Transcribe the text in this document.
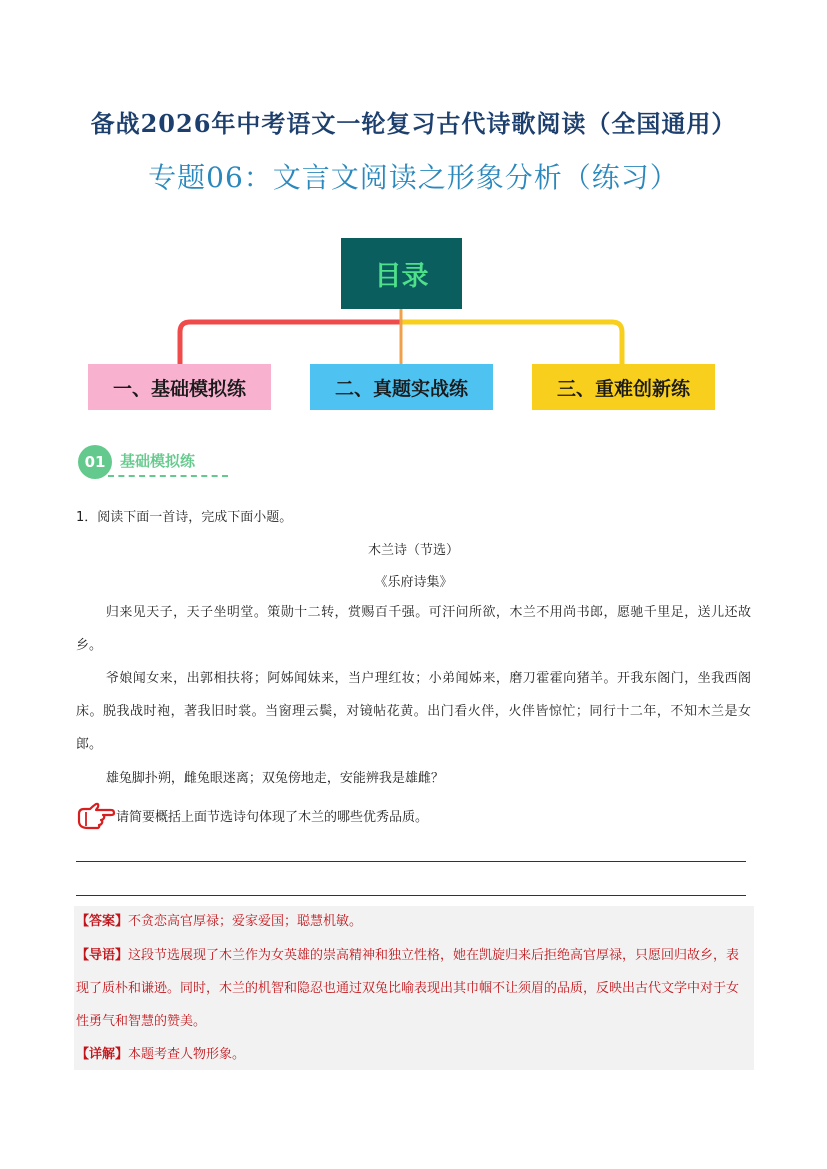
备战2026年中考语文一轮复习古代诗歌阅读（全国通用）
专题06：文言文阅读之形象分析（练习）
目录
一、基础模拟练	二、真题实战练	三、重难创新练
01 基础模拟练
1．阅读下面一首诗，完成下面小题。
木兰诗（节选）
《乐府诗集》

归来见天子，天子坐明堂。策勋十二转，赏赐百千强。可汗问所欲，木兰不用尚书郎，愿驰千里足，送儿还故乡。

爷娘闻女来，出郭相扶将；阿姊闻妹来，当户理红妆；小弟闻姊来，磨刀霍霍向猪羊。开我东阁门，坐我西阁床。脱我战时袍，著我旧时裳。当窗理云鬓，对镜帖花黄。出门看火伴，火伴皆惊忙；同行十二年，不知木兰是女郎。

雄兔脚扑朔，雌兔眼迷离；双兔傍地走，安能辨我是雄雌？

请简要概括上面节选诗句体现了木兰的哪些优秀品质。

【答案】不贪恋高官厚禄；爱家爱国；聪慧机敏。

【导语】这段节选展现了木兰作为女英雄的崇高精神和独立性格，她在凯旋归来后拒绝高官厚禄，只愿回归故乡，表现了质朴和谦逊。同时，木兰的机智和隐忍也通过双兔比喻表现出其巾帼不让须眉的品质，反映出古代文学中对于女性勇气和智慧的赞美。

【详解】本题考查人物形象。
